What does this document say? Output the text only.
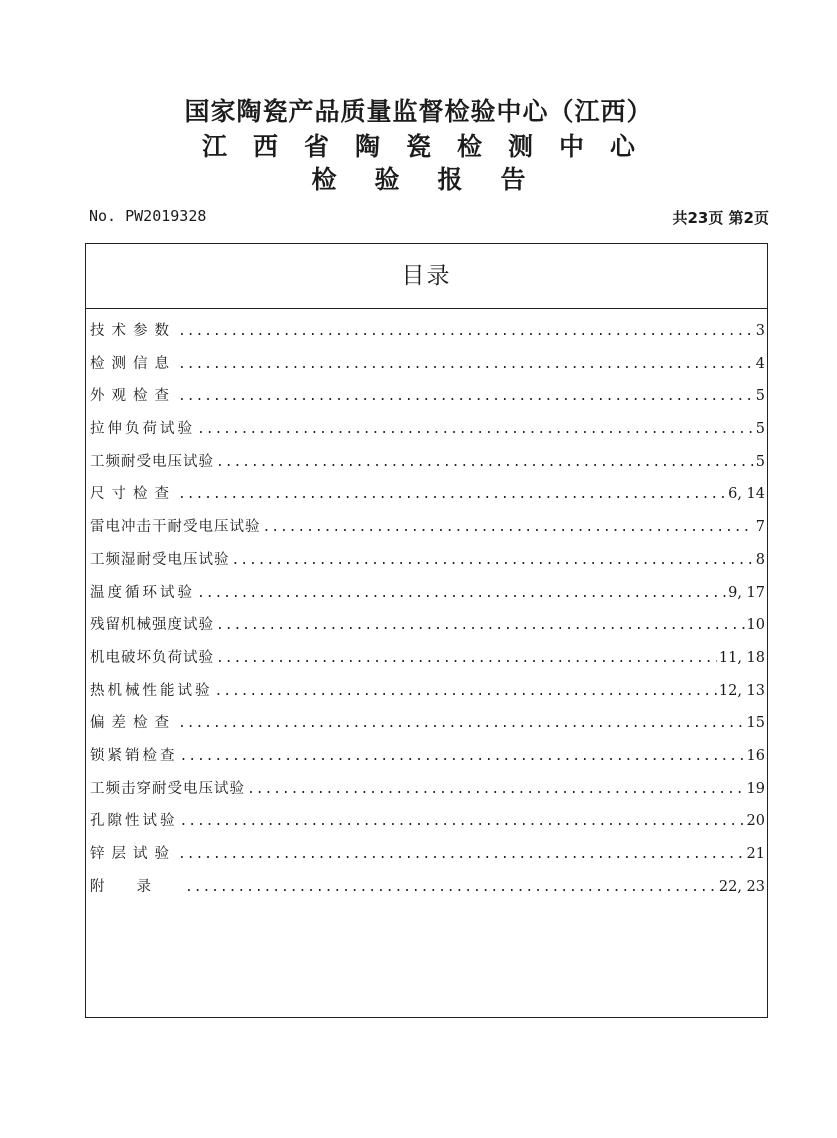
国家陶瓷产品质量监督检验中心（江西）
江西省陶瓷检测中心
检验报告
No. PW2019328	共23页 第2页
目录
技术参数 .....	3
检测信息 .....	4
外观检查 .....	5
拉伸负荷试验 .....	5
工频耐受电压试验 .....	5
尺寸检查 .....	6, 14
雷电冲击干耐受电压试验 .....	7
工频湿耐受电压试验 .....	8
温度循环试验 .....	9, 17
残留机械强度试验 .....	10
机电破坏负荷试验 .....	11, 18
热机械性能试验 .....	12, 13
偏差检查 .....	15
锁紧销检查 .....	16
工频击穿耐受电压试验 .....	19
孔隙性试验 .....	20
锌层试验 .....	21
附录 .....	22, 23
